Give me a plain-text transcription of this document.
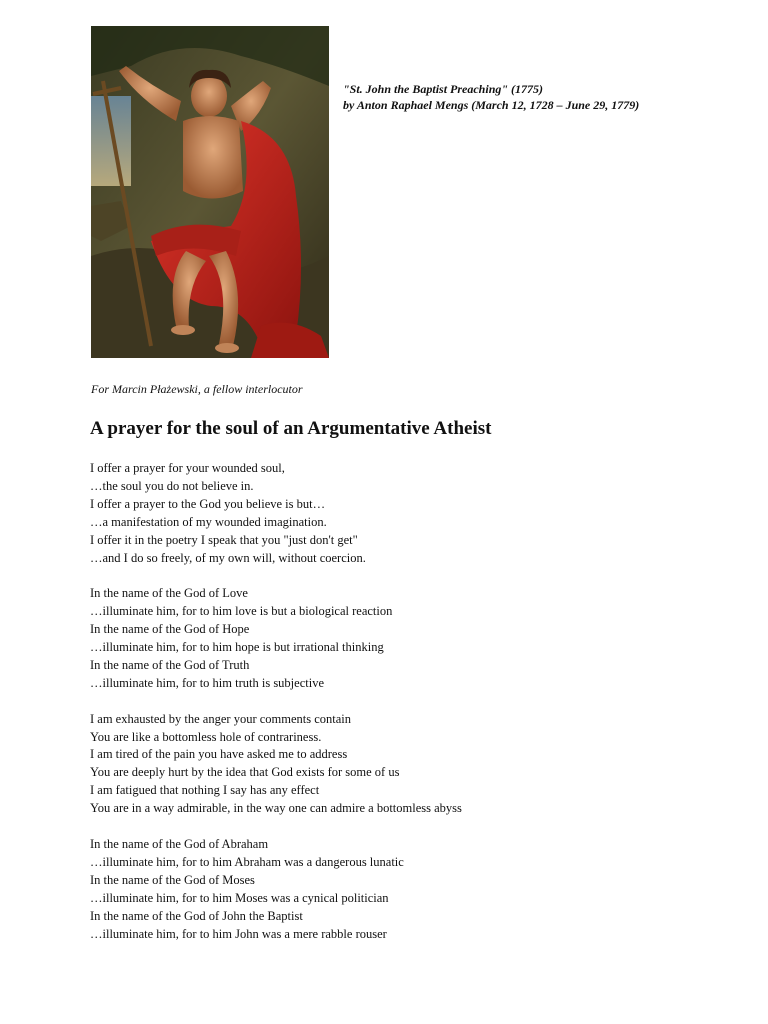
"St. John the Baptist Preaching" (1775)
by Anton Raphael Mengs (March 12, 1728 – June 29, 1779)
For Marcin Płażewski, a fellow interlocutor
A prayer for the soul of an Argumentative Atheist
I offer a prayer for your wounded soul,
…the soul you do not believe in.
I offer a prayer to the God you believe is but…
…a manifestation of my wounded imagination.
I offer it in the poetry I speak that you "just don't get"
…and I do so freely, of my own will, without coercion.
In the name of the God of Love
…illuminate him, for to him love is but a biological reaction
In the name of the God of Hope
…illuminate him, for to him hope is but irrational thinking
In the name of the God of Truth
…illuminate him, for to him truth is subjective
I am exhausted by the anger your comments contain
You are like a bottomless hole of contrariness.
I am tired of the pain you have asked me to address
You are deeply hurt by the idea that God exists for some of us
I am fatigued that nothing I say has any effect
You are in a way admirable, in the way one can admire a bottomless abyss
In the name of the God of Abraham
…illuminate him, for to him Abraham was a dangerous lunatic
In the name of the God of Moses
…illuminate him, for to him Moses was a cynical politician
In the name of the God of John the Baptist
…illuminate him, for to him John was a mere rabble rouser
